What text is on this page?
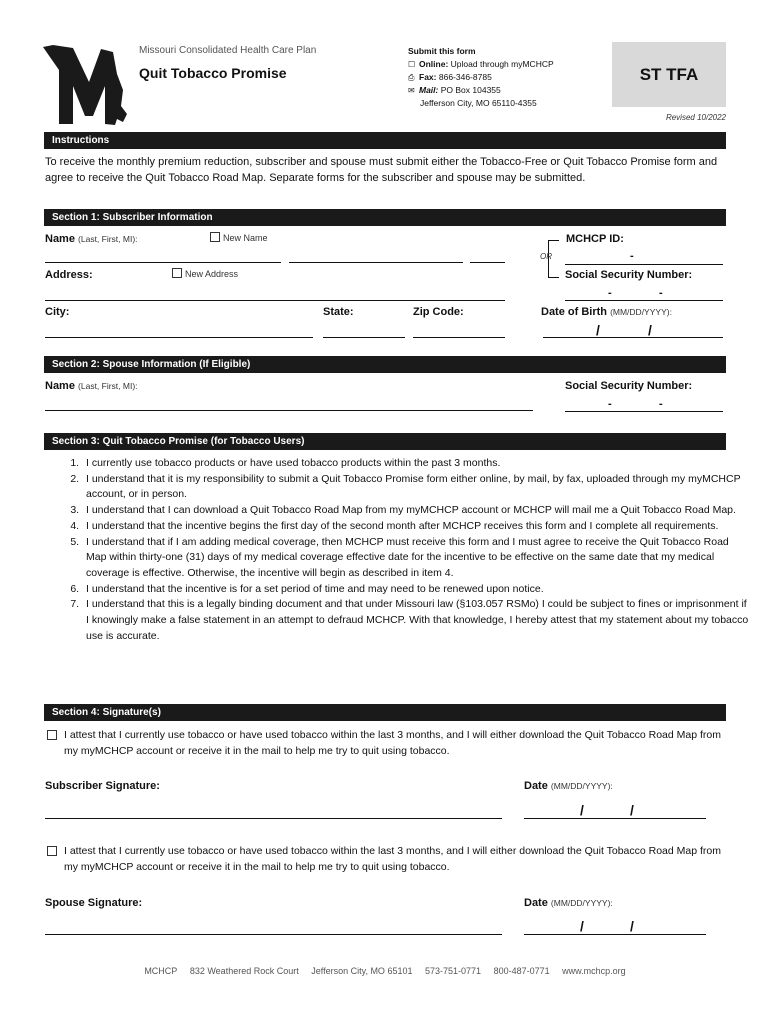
Missouri Consolidated Health Care Plan
Quit Tobacco Promise
Submit this form
☐ Online: Upload through myMCHCP
⎙ Fax: 866-346-8785
✉ Mail: PO Box 104355
Jefferson City, MO 65110-4355
ST TFA
Revised 10/2022
Instructions
To receive the monthly premium reduction, subscriber and spouse must submit either the Tobacco-Free or Quit Tobacco Promise form and agree to receive the Quit Tobacco Road Map. Separate forms for the subscriber and spouse may be submitted.
Section 1: Subscriber Information
Name (Last, First, MI):	New Name	MCHCP ID:
-
OR
Address:	New Address	Social Security Number:
-	-
City:	State:	Zip Code:	Date of Birth (MM/DD/YYYY):
/	/
Section 2: Spouse Information (If Eligible)
Name (Last, First, MI):	Social Security Number:
-	-
Section 3: Quit Tobacco Promise (for Tobacco Users)
1. I currently use tobacco products or have used tobacco products within the past 3 months.
2. I understand that it is my responsibility to submit a Quit Tobacco Promise form either online, by mail, by fax, uploaded through my myMCHCP account, or in person.
3. I understand that I can download a Quit Tobacco Road Map from my myMCHCP account or MCHCP will mail me a Quit Tobacco Road Map.
4. I understand that the incentive begins the first day of the second month after MCHCP receives this form and I complete all requirements.
5. I understand that if I am adding medical coverage, then MCHCP must receive this form and I must agree to receive the Quit Tobacco Road Map within thirty-one (31) days of my medical coverage effective date for the incentive to be effective on the same date that my medical coverage is effective. Otherwise, the incentive will begin as described in item 4.
6. I understand that the incentive is for a set period of time and may need to be renewed upon notice.
7. I understand that this is a legally binding document and that under Missouri law (§103.057 RSMo) I could be subject to fines or imprisonment if I knowingly make a false statement in an attempt to defraud MCHCP. With that knowledge, I hereby attest that my statement about my tobacco use is accurate.
Section 4: Signature(s)
I attest that I currently use tobacco or have used tobacco within the last 3 months, and I will either download the Quit Tobacco Road Map from my myMCHCP account or receive it in the mail to help me try to quit using tobacco.
Subscriber Signature:	Date (MM/DD/YYYY):
/	/
I attest that I currently use tobacco or have used tobacco within the last 3 months, and I will either download the Quit Tobacco Road Map from my myMCHCP account or receive it in the mail to help me try to quit using tobacco.
Spouse Signature:	Date (MM/DD/YYYY):
/	/
MCHCP 832 Weathered Rock Court Jefferson City, MO 65101 573-751-0771 800-487-0771 www.mchcp.org
